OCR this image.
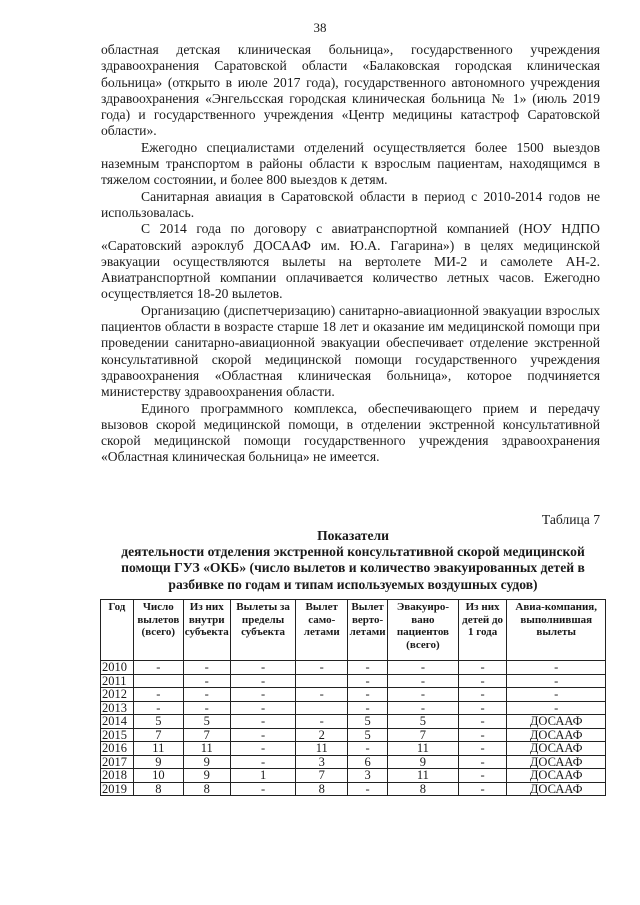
38

областная детская клиническая больница», государственного учреждения здравоохранения Саратовской области «Балаковская городская клиническая больница» (открыто в июле 2017 года), государственного автономного учреждения здравоохранения «Энгельсская городская клиническая больница № 1» (июль 2019 года) и государственного учреждения «Центр медицины катастроф Саратовской области».

Ежегодно специалистами отделений осуществляется более 1500 выездов наземным транспортом в районы области к взрослым пациентам, находящимся в тяжелом состоянии, и более 800 выездов к детям.

Санитарная авиация в Саратовской области в период с 2010-2014 годов не использовалась.

С 2014 года по договору с авиатранспортной компанией (НОУ НДПО «Саратовский аэроклуб ДОСААФ им. Ю.А. Гагарина») в целях медицинской эвакуации осуществляются вылеты на вертолете МИ-2 и самолете АН-2. Авиатранспортной компании оплачивается количество летных часов. Ежегодно осуществляется 18-20 вылетов.

Организацию (диспетчеризацию) санитарно-авиационной эвакуации взрослых пациентов области в возрасте старше 18 лет и оказание им медицинской помощи при проведении санитарно-авиационной эвакуации обеспечивает отделение экстренной консультативной скорой медицинской помощи государственного учреждения здравоохранения «Областная клиническая больница», которое подчиняется министерству здравоохранения области.

Единого программного комплекса, обеспечивающего прием и передачу вызовов скорой медицинской помощи, в отделении экстренной консультативной скорой медицинской помощи государственного учреждения здравоохранения «Областная клиническая больница» не имеется.

Таблица 7
Показатели
деятельности отделения экстренной консультативной скорой медицинской помощи ГУЗ «ОКБ» (число вылетов и количество эвакуированных детей в разбивке по годам и типам используемых воздушных судов)
Год	Число вылетов (всего)	Из них внутри субъекта	Вылеты за пределы субъекта	Вылет само-летами	Вылет верто-летами	Эвакуиро-вано пациентов (всего)	Из них детей до 1 года	Авиа-компания, выполнившая вылеты
2010	-	-	-	-	-	-	-	-
2011		-	-		-	-	-	-
2012	-	-	-	-	-	-	-	-
2013	-	-	-		-	-	-	-
2014	5	5	-	-	5	5	-	ДОСААФ
2015	7	7	-	2	5	7	-	ДОСААФ
2016	11	11	-	11	-	11	-	ДОСААФ
2017	9	9	-	3	6	9	-	ДОСААФ
2018	10	9	1	7	3	11	-	ДОСААФ
2019	8	8	-	8	-	8	-	ДОСААФ
